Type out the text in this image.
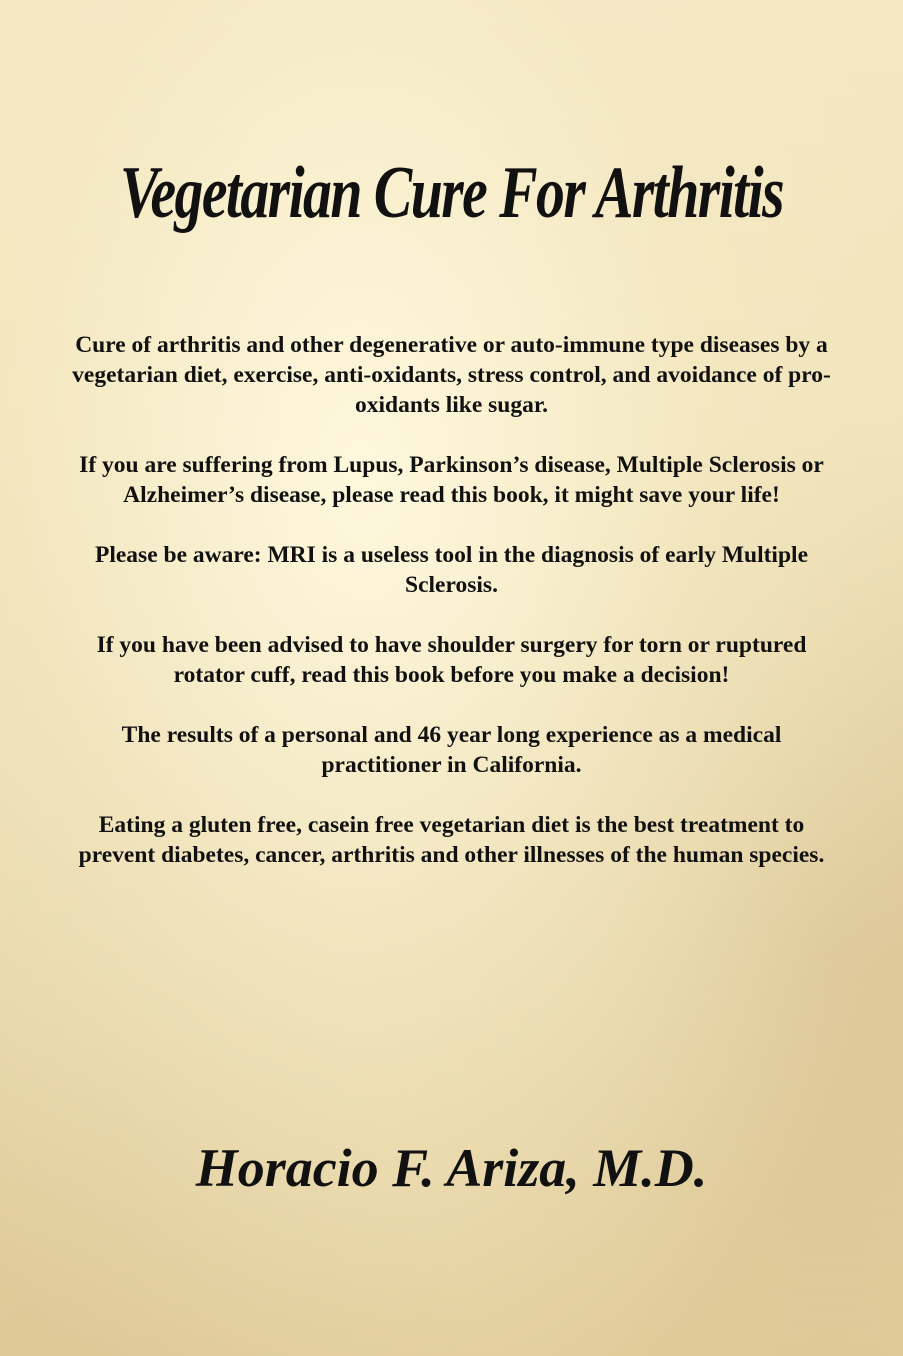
Vegetarian Cure For Arthritis

Cure of arthritis and other degenerative or auto-immune type diseases by a vegetarian diet, exercise, anti-oxidants, stress control, and avoidance of pro-oxidants like sugar.

If you are suffering from Lupus, Parkinson’s disease, Multiple Sclerosis or Alzheimer’s disease, please read this book, it might save your life!

Please be aware: MRI is a useless tool in the diagnosis of early Multiple Sclerosis.

If you have been advised to have shoulder surgery for torn or ruptured rotator cuff, read this book before you make a decision!

The results of a personal and 46 year long experience as a medical practitioner in California.

Eating a gluten free, casein free vegetarian diet is the best treatment to prevent diabetes, cancer, arthritis and other illnesses of the human species.

Horacio F. Ariza, M.D.
